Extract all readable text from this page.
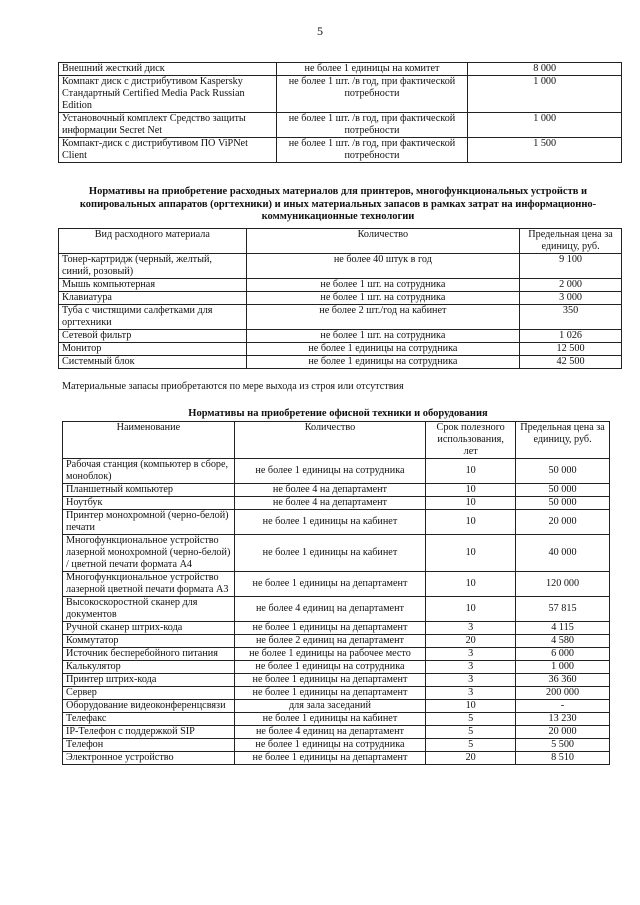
5
Внешний жесткий диск	не более 1 единицы на комитет	8 000
Компакт диск с дистрибутивом Kaspersky Стандартный Certified Media Pack Russian Edition	не более 1 шт. /в год, при фактической потребности	1 000
Установочный комплект Средство защиты информации Secret Net	не более 1 шт. /в год, при фактической потребности	1 000
Компакт-диск с дистрибутивом ПО ViPNet Client	не более 1 шт. /в год, при фактической потребности	1 500
Нормативы на приобретение расходных материалов для принтеров, многофункциональных устройств и копировальных аппаратов (оргтехники) и иных материальных запасов в рамках затрат на информационно-коммуникационные технологии
Вид расходного материала	Количество	Предельная цена за единицу, руб.
Тонер-картридж (черный, желтый, синий, розовый)	не более 40 штук в год	9 100
Мышь компьютерная	не более 1 шт. на сотрудника	2 000
Клавиатура	не более 1 шт. на сотрудника	3 000
Туба с чистящими салфетками для оргтехники	не более 2 шт./год на кабинет	350
Сетевой фильтр	не более 1 шт. на сотрудника	1 026
Монитор	не более 1 единицы на сотрудника	12 500
Системный блок	не более 1 единицы на сотрудника	42 500
Материальные запасы приобретаются по мере выхода из строя или отсутствия
Нормативы на приобретение офисной техники и оборудования
Наименование	Количество	Срок полезного использования, лет	Предельная цена за единицу, руб.
Рабочая станция (компьютер в сборе, моноблок)	не более 1 единицы на сотрудника	10	50 000
Планшетный компьютер	не более 4 на департамент	10	50 000
Ноутбук	не более 4 на департамент	10	50 000
Принтер монохромной (черно-белой) печати	не более 1 единицы на кабинет	10	20 000
Многофункциональное устройство лазерной монохромной (черно-белой) / цветной печати формата А4	не более 1 единицы на кабинет	10	40 000
Многофункциональное устройство лазерной цветной печати формата А3	не более 1 единицы на департамент	10	120 000
Высокоскоростной сканер для документов	не более 4 единиц на департамент	10	57 815
Ручной сканер штрих-кода	не более 1 единицы на департамент	3	4 115
Коммутатор	не более 2 единиц на департамент	20	4 580
Источник бесперебойного питания	не более 1 единицы на рабочее место	3	6 000
Калькулятор	не более 1 единицы на сотрудника	3	1 000
Принтер штрих-кода	не более 1 единицы на департамент	3	36 360
Сервер	не более 1 единицы на департамент	3	200 000
Оборудование видеоконференцсвязи	для зала заседаний	10	-
Телефакс	не более 1 единицы на кабинет	5	13 230
IP-Телефон с поддержкой SIP	не более 4 единиц на департамент	5	20 000
Телефон	не более 1 единицы на сотрудника	5	5 500
Электронное устройство	не более 1 единицы на департамент	20	8 510
